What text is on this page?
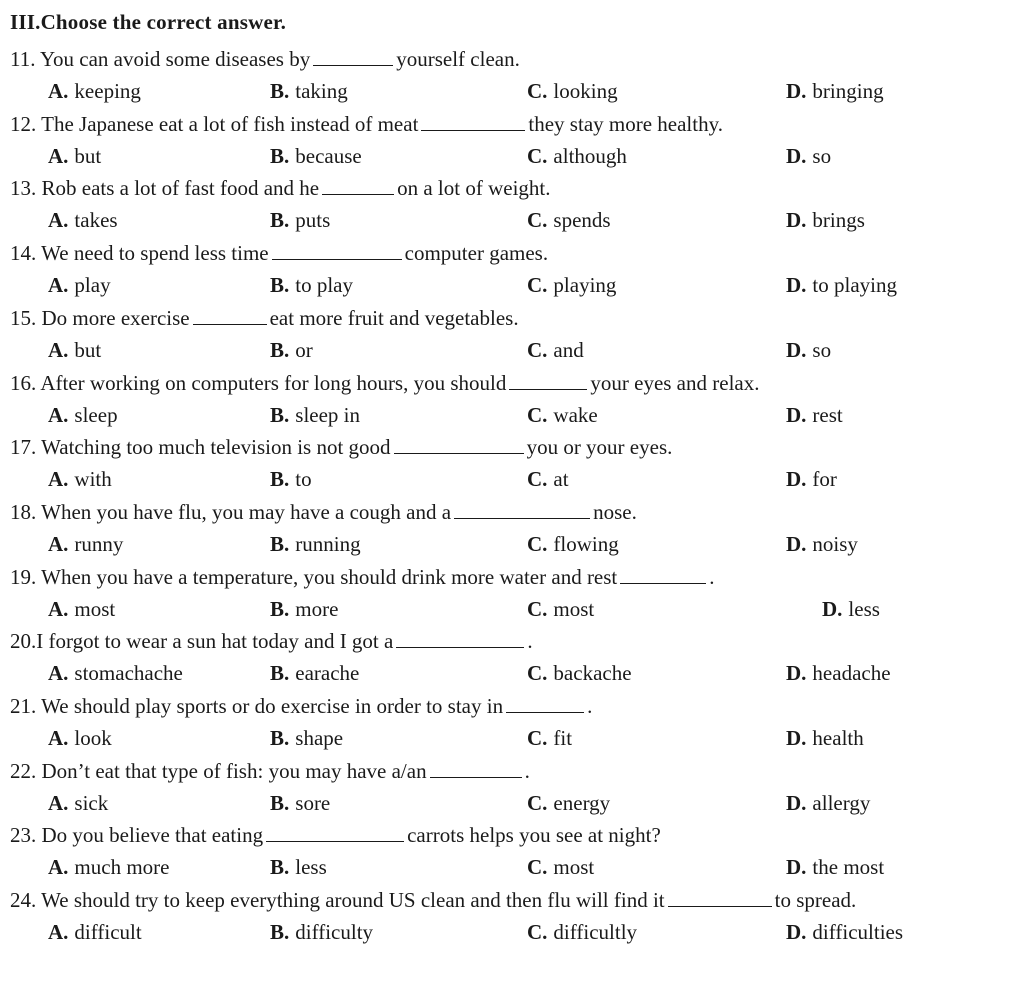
III.Choose the correct answer.
11. You can avoid some diseases by	yourself clean.
A. keeping	B. taking	C. looking	D. bringing
12. The Japanese eat a lot of fish instead of meat	they stay more healthy.
A. but	B. because	C. although	D. so
13. Rob eats a lot of fast food and he	on a lot of weight.
A. takes	B. puts	C. spends	D. brings
14. We need to spend less time	computer games.
A. play	B. to play	C. playing	D. to playing
15. Do more exercise	eat more fruit and vegetables.
A. but	B. or	C. and	D. so
16. After working on computers for long hours, you should	your eyes and relax.
A. sleep	B. sleep in	C. wake	D. rest
17. Watching too much television is not good	you or your eyes.
A. with	B. to	C. at	D. for
18. When you have flu, you may have a cough and a	nose.
A. runny	B. running	C. flowing	D. noisy
19. When you have a temperature, you should drink more water and rest	.
A. most	B. more	C. most	D. less
20.I forgot to wear a sun hat today and I got a	.
A. stomachache	B. earache	C. backache	D. headache
21. We should play sports or do exercise in order to stay in	.
A. look	B. shape	C. fit	D. health
22. Don’t eat that type of fish: you may have a/an	.
A. sick	B. sore	C. energy	D. allergy
23. Do you believe that eating	carrots helps you see at night?
A. much more	B. less	C. most	D. the most
24. We should try to keep everything around US clean and then flu will find it	to spread.
A. difficult	B. difficulty	C. difficultly	D. difficulties
